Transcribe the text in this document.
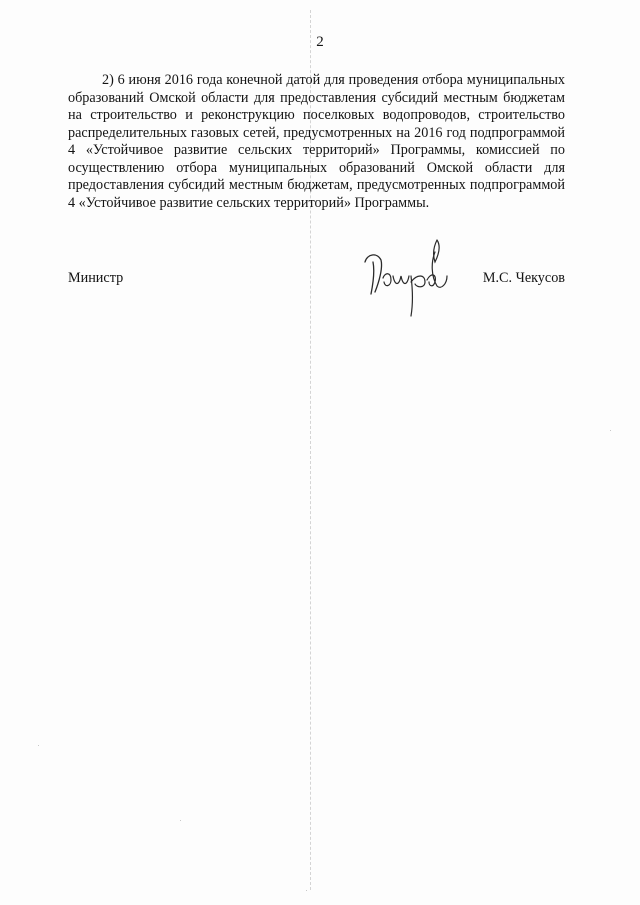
2

2) 6 июня 2016 года конечной датой для проведения отбора муниципальных образований Омской области для предоставления субсидий местным бюджетам на строительство и реконструкцию поселковых водопроводов, строительство распределительных газовых сетей, предусмотренных на 2016 год подпрограммой 4 «Устойчивое развитие сельских территорий» Программы, комиссией по осуществлению отбора муниципальных образований Омской области для предоставления субсидий местным бюджетам, предусмотренных подпрограммой 4 «Устойчивое развитие сельских территорий» Программы.

Министр	М.С. Чекусов
